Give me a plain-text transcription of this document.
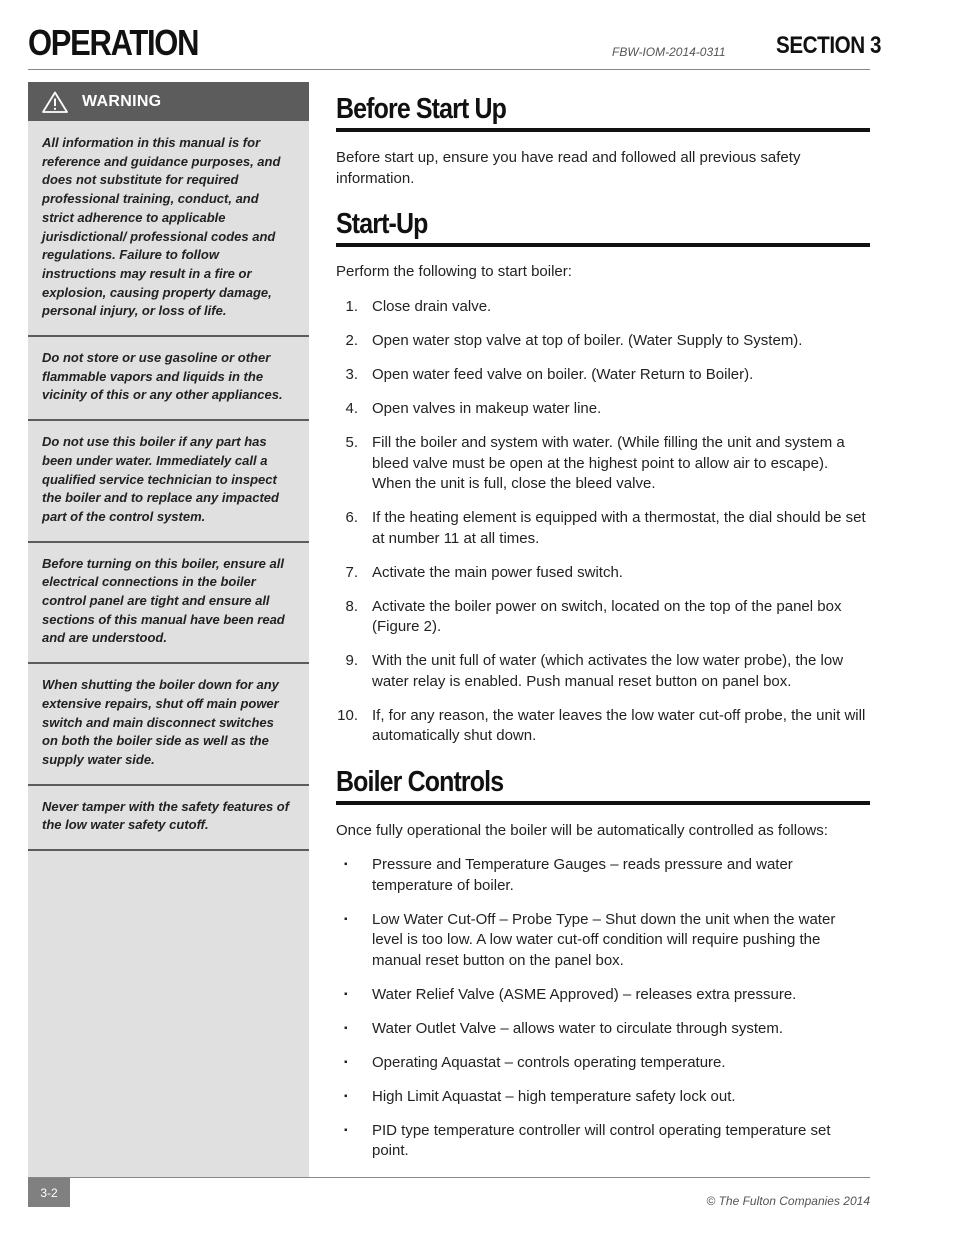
OPERATION	FBW-IOM-2014-0311 SECTION 3
WARNING
All information in this manual is for reference and guidance purposes, and does not substitute for required professional training, conduct, and strict adherence to applicable jurisdictional/ professional codes and regulations. Failure to follow instructions may result in a fire or explosion, causing property damage, personal injury, or loss of life.
Do not store or use gasoline or other flammable vapors and liquids in the vicinity of this or any other appliances.
Do not use this boiler if any part has been under water. Immediately call a qualified service technician to inspect the boiler and to replace any impacted part of the control system.
Before turning on this boiler, ensure all electrical connections in the boiler control panel are tight and ensure all sections of this manual have been read and are understood.
When shutting the boiler down for any extensive repairs, shut off main power switch and main disconnect switches on both the boiler side as well as the supply water side.
Never tamper with the safety features of the low water safety cutoff.
Before Start Up
Before start up, ensure you have read and followed all previous safety information.
Start-Up
Perform the following to start boiler:
1. Close drain valve.
2. Open water stop valve at top of boiler. (Water Supply to System).
3. Open water feed valve on boiler. (Water Return to Boiler).
4. Open valves in makeup water line.
5. Fill the boiler and system with water. (While filling the unit and system a bleed valve must be open at the highest point to allow air to escape). When the unit is full, close the bleed valve.
6. If the heating element is equipped with a thermostat, the dial should be set at number 11 at all times.
7. Activate the main power fused switch.
8. Activate the boiler power on switch, located on the top of the panel box (Figure 2).
9. With the unit full of water (which activates the low water probe), the low water relay is enabled. Push manual reset button on panel box.
10. If, for any reason, the water leaves the low water cut-off probe, the unit will automatically shut down.
Boiler Controls
Once fully operational the boiler will be automatically controlled as follows:
▪ Pressure and Temperature Gauges – reads pressure and water temperature of boiler.
▪ Low Water Cut-Off – Probe Type – Shut down the unit when the water level is too low. A low water cut-off condition will require pushing the manual reset button on the panel box.
▪ Water Relief Valve (ASME Approved) – releases extra pressure.
▪ Water Outlet Valve – allows water to circulate through system.
▪ Operating Aquastat – controls operating temperature.
▪ High Limit Aquastat – high temperature safety lock out.
▪ PID type temperature controller will control operating temperature set point.
3-2
© The Fulton Companies 2014
